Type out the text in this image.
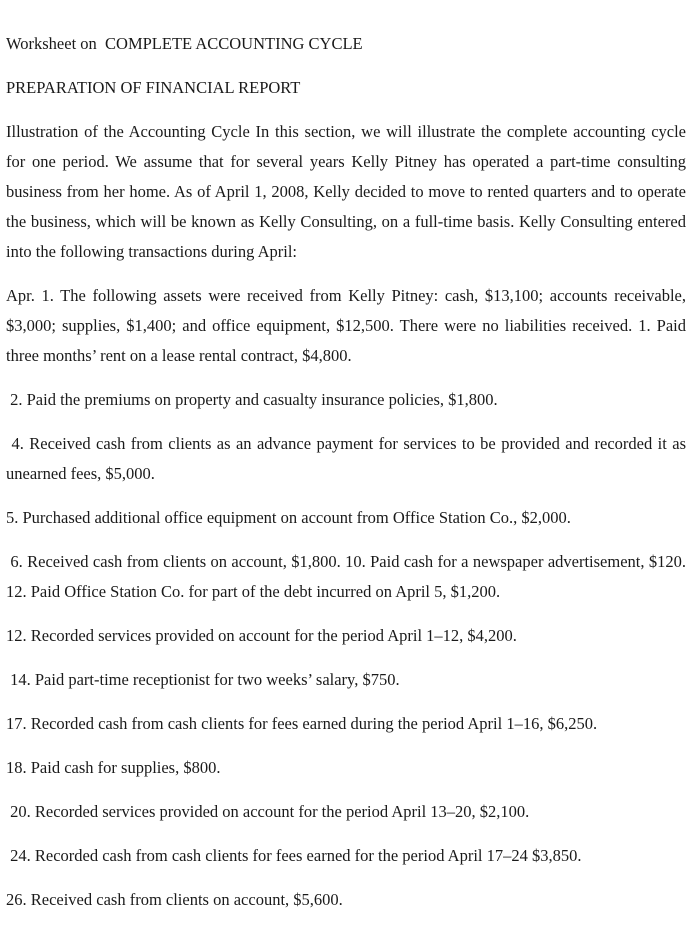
Worksheet on  COMPLETE ACCOUNTING CYCLE

PREPARATION OF FINANCIAL REPORT

Illustration of the Accounting Cycle In this section, we will illustrate the complete accounting cycle for one period. We assume that for several years Kelly Pitney has operated a part-time consulting business from her home. As of April 1, 2008, Kelly decided to move to rented quarters and to operate the business, which will be known as Kelly Consulting, on a full-time basis. Kelly Consulting entered into the following transactions during April:

Apr. 1. The following assets were received from Kelly Pitney: cash, $13,100; accounts receivable, $3,000; supplies, $1,400; and office equipment, $12,500. There were no liabilities received. 1. Paid three months’ rent on a lease rental contract, $4,800.

2. Paid the premiums on property and casualty insurance policies, $1,800.

4. Received cash from clients as an advance payment for services to be provided and recorded it as unearned fees, $5,000.

5. Purchased additional office equipment on account from Office Station Co., $2,000.

6. Received cash from clients on account, $1,800. 10. Paid cash for a newspaper advertisement, $120. 12. Paid Office Station Co. for part of the debt incurred on April 5, $1,200.

12. Recorded services provided on account for the period April 1–12, $4,200.

14. Paid part-time receptionist for two weeks’ salary, $750.

17. Recorded cash from cash clients for fees earned during the period April 1–16, $6,250.

18. Paid cash for supplies, $800.

20. Recorded services provided on account for the period April 13–20, $2,100.

24. Recorded cash from cash clients for fees earned for the period April 17–24 $3,850.

26. Received cash from clients on account, $5,600.
